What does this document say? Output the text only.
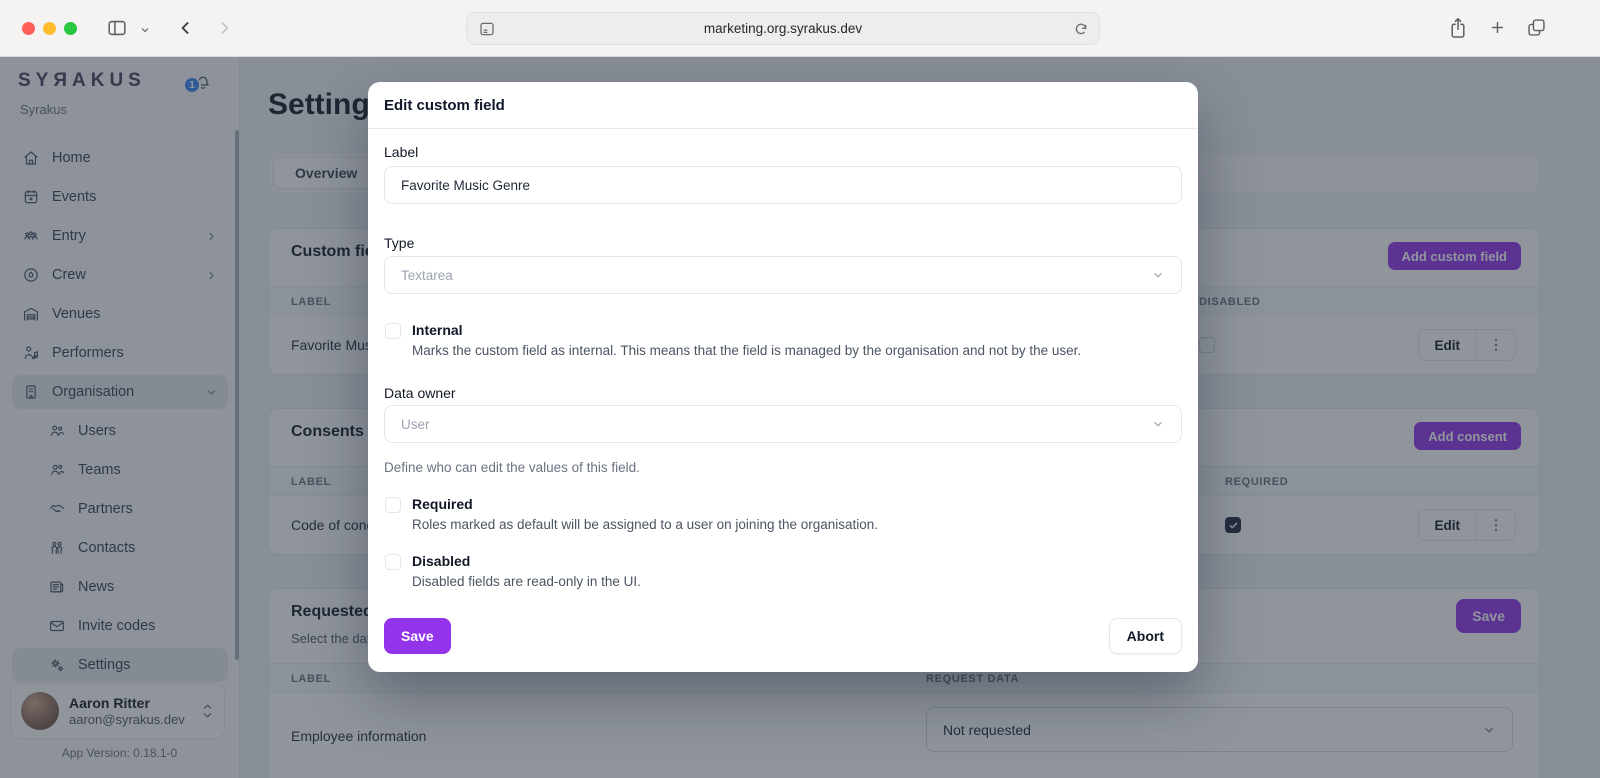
marketing.org.syrakus.dev
Edit custom field
Label
Favorite Music Genre
Type
Textarea
Internal
Marks the custom field as internal. This means that the field is managed by the organisation and not by the user.
Data owner
User
Define who can edit the values of this field.
Required
Roles marked as default will be assigned to a user on joining the organisation.
Disabled
Disabled fields are read-only in the UI.
Save	Abort
